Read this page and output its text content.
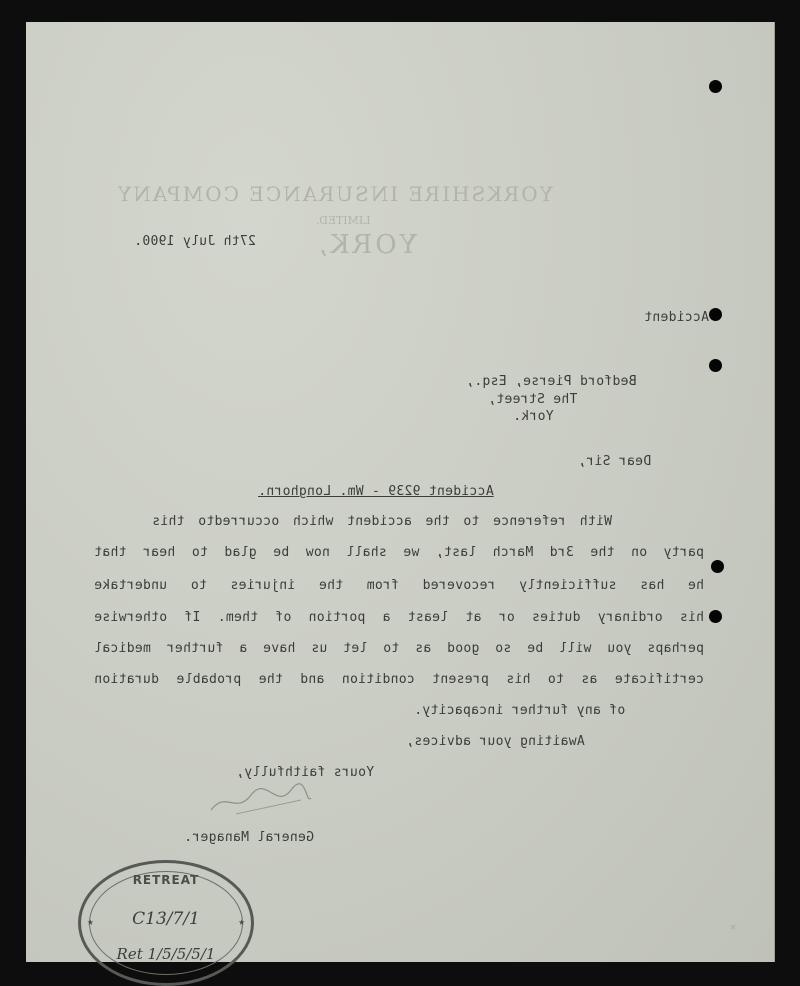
YORKSHIRE INSURANCE COMPANY
LIMITED.
YORK,
27th July 1900.
Accident
Bedford Pierse, Esq.,
The Street,
York.
Dear Sir,
Accident 9239 - Wm. Longhorn.
With reference to the accident which occurredto this
party on the 3rd March last, we shall now be glad to hear that
he has sufficiently recovered from the injuries to undertake
his ordinary duties or at least a portion of them. If otherwise
perhaps you will be so good as to let us have a further medical
certificate as to his present condition and the probable duration
of any further incapacity.
Awaiting your advices,
Yours faithfully,
General Manager.
✕
RETREAT
★	★
C13/7/1
Ret 1/5/5/5/1
